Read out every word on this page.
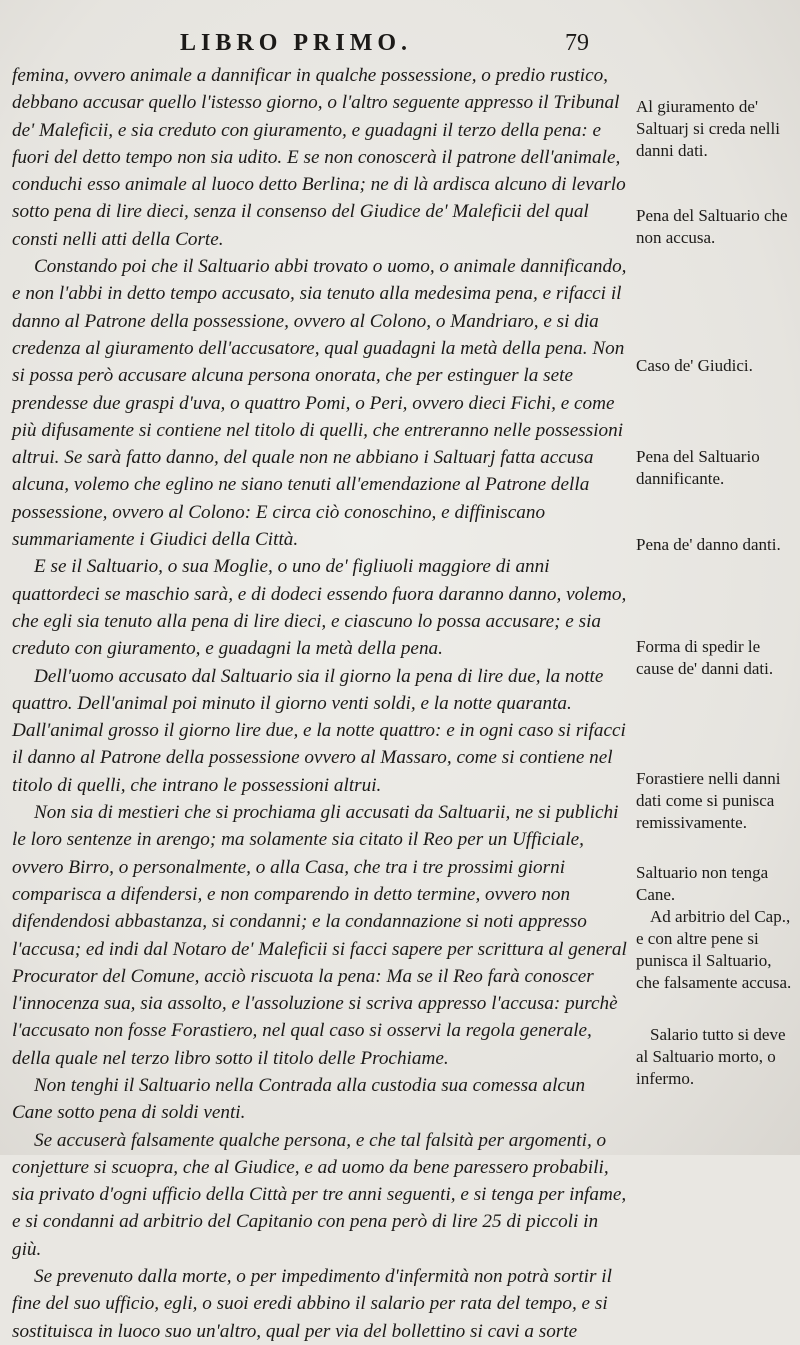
LIBRO PRIMO.	79

femina, ovvero animale a dannificar in qualche possessione, o predio rustico, debbano accusar quello l'istesso giorno, o l'altro seguente appresso il Tribunal de' Maleficii, e sia creduto con giuramento, e guadagni il terzo della pena: e fuori del detto tempo non sia udito. E se non conoscerà il patrone dell'animale, conduchi esso animale al luoco detto Berlina; ne di là ardisca alcuno di levarlo sotto pena di lire dieci, senza il consenso del Giudice de' Maleficii del qual consti nelli atti della Corte.

Constando poi che il Saltuario abbi trovato o uomo, o animale dannificando, e non l'abbi in detto tempo accusato, sia tenuto alla medesima pena, e rifacci il danno al Patrone della possessione, ovvero al Colono, o Mandriaro, e si dia credenza al giuramento dell'accusatore, qual guadagni la metà della pena. Non si possa però accusare alcuna persona onorata, che per estinguer la sete prendesse due graspi d'uva, o quattro Pomi, o Peri, ovvero dieci Fichi, e come più difusamente si contiene nel titolo di quelli, che entreranno nelle possessioni altrui. Se sarà fatto danno, del quale non ne abbiano i Saltuarj fatta accusa alcuna, volemo che eglino ne siano tenuti all'emendazione al Patrone della possessione, ovvero al Colono: E circa ciò conoschino, e diffiniscano summariamente i Giudici della Città.

E se il Saltuario, o sua Moglie, o uno de' figliuoli maggiore di anni quattordeci se maschio sarà, e di dodeci essendo fuora daranno danno, volemo, che egli sia tenuto alla pena di lire dieci, e ciascuno lo possa accusare; e sia creduto con giuramento, e guadagni la metà della pena.

Dell'uomo accusato dal Saltuario sia il giorno la pena di lire due, la notte quattro. Dell'animal poi minuto il giorno venti soldi, e la notte quaranta. Dall'animal grosso il giorno lire due, e la notte quattro: e in ogni caso si rifacci il danno al Patrone della possessione ovvero al Massaro, come si contiene nel titolo di quelli, che intrano le possessioni altrui.

Non sia di mestieri che si prochiama gli accusati da Saltuarii, ne si publichi le loro sentenze in arengo; ma solamente sia citato il Reo per un Ufficiale, ovvero Birro, o personalmente, o alla Casa, che tra i tre prossimi giorni comparisca a difendersi, e non comparendo in detto termine, ovvero non difendendosi abbastanza, si condanni; e la condannazione si noti appresso l'accusa; ed indi dal Notaro de' Maleficii si facci sapere per scrittura al general Procurator del Comune, acciò riscuota la pena: Ma se il Reo farà conoscer l'innocenza sua, sia assolto, e l'assoluzione si scriva appresso l'accusa: purchè l'accusato non fosse Forastiero, nel qual caso si osservi la regola generale, della quale nel terzo libro sotto il titolo delle Prochiame.

Non tenghi il Saltuario nella Contrada alla custodia sua comessa alcun Cane sotto pena di soldi venti.

Se accuserà falsamente qualche persona, e che tal falsità per argomenti, o conjetture si scuopra, che al Giudice, e ad uomo da bene paressero probabili, sia privato d'ogni ufficio della Città per tre anni seguenti, e si tenga per infame, e si condanni ad arbitrio del Capitanio con pena però di lire 25 di piccoli in giù.

Se prevenuto dalla morte, o per impedimento d'infermità non potrà sortir il fine del suo ufficio, egli, o suoi eredi abbino il salario per rata del tempo, e si sostituisca in luoco suo un'altro, qual per via del bollettino si cavi a sorte

Al giuramento de' Saltuarj si creda nelli danni dati.
Pena del Saltuario che non accusa.
Caso de' Giudici.
Pena del Saltuario dannificante.
Pena de' danno danti.
Forma di spedir le cause de' danni dati.
Forastiere nelli danni dati come si punisca remissivamente.
Saltuario non tenga Cane.
Ad arbitrio del Cap., e con altre pene si punisca il Saltuario, che falsamente accusa.
Salario tutto si deve al Saltuario morto, o infermo.
